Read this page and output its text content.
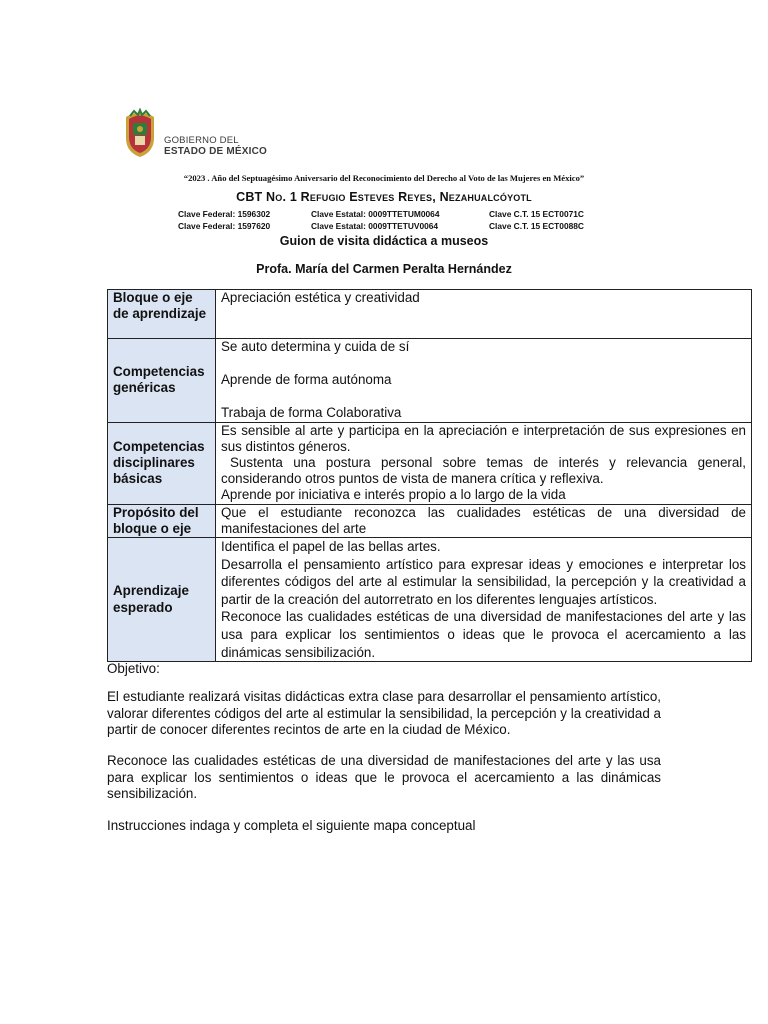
GOBIERNO DEL
ESTADO DE MÉXICO
“2023 . Año del Septuagésimo Aniversario del Reconocimiento del Derecho al Voto de las Mujeres en México”
CBT No. 1 Refugio Esteves Reyes, Nezahualcóyotl
Clave Federal: 1596302	Clave Estatal: 0009TTETUM0064	Clave C.T. 15 ECT0071C
Clave Federal: 1597620	Clave Estatal: 0009TTETUV0064	Clave C.T. 15 ECT0088C
Guion de visita didáctica a museos
Profa. María del Carmen Peralta Hernández
Bloque o eje de aprendizaje	Apreciación estética y creatividad
Competencias genéricas	Se auto determina y cuida de sí
Aprende de forma autónoma
Trabaja de forma Colaborativa

Competencias disciplinares básicas	Es sensible al arte y participa en la apreciación e interpretación de sus expresiones en sus distintos géneros.
Sustenta una postura personal sobre temas de interés y relevancia general, considerando otros puntos de vista de manera crítica y reflexiva.
Aprende por iniciativa e interés propio a lo largo de la vida

Propósito del bloque o eje	Que el estudiante reconozca las cualidades estéticas de una diversidad de manifestaciones del arte
Aprendizaje esperado	Identifica el papel de las bellas artes.
Desarrolla el pensamiento artístico para expresar ideas y emociones e interpretar los diferentes códigos del arte al estimular la sensibilidad, la percepción y la creatividad a partir de la creación del autorretrato en los diferentes lenguajes artísticos.
Reconoce las cualidades estéticas de una diversidad de manifestaciones del arte y las usa para explicar los sentimientos o ideas que le provoca el acercamiento a las dinámicas sensibilización.
Objetivo:

El estudiante realizará visitas didácticas extra clase para desarrollar el pensamiento artístico, valorar diferentes códigos del arte al estimular la sensibilidad, la percepción y la creatividad a partir de conocer diferentes recintos de arte en la ciudad de México.

Reconoce las cualidades estéticas de una diversidad de manifestaciones del arte y las usa para explicar los sentimientos o ideas que le provoca el acercamiento a las dinámicas sensibilización.

Instrucciones indaga y completa el siguiente mapa conceptual
